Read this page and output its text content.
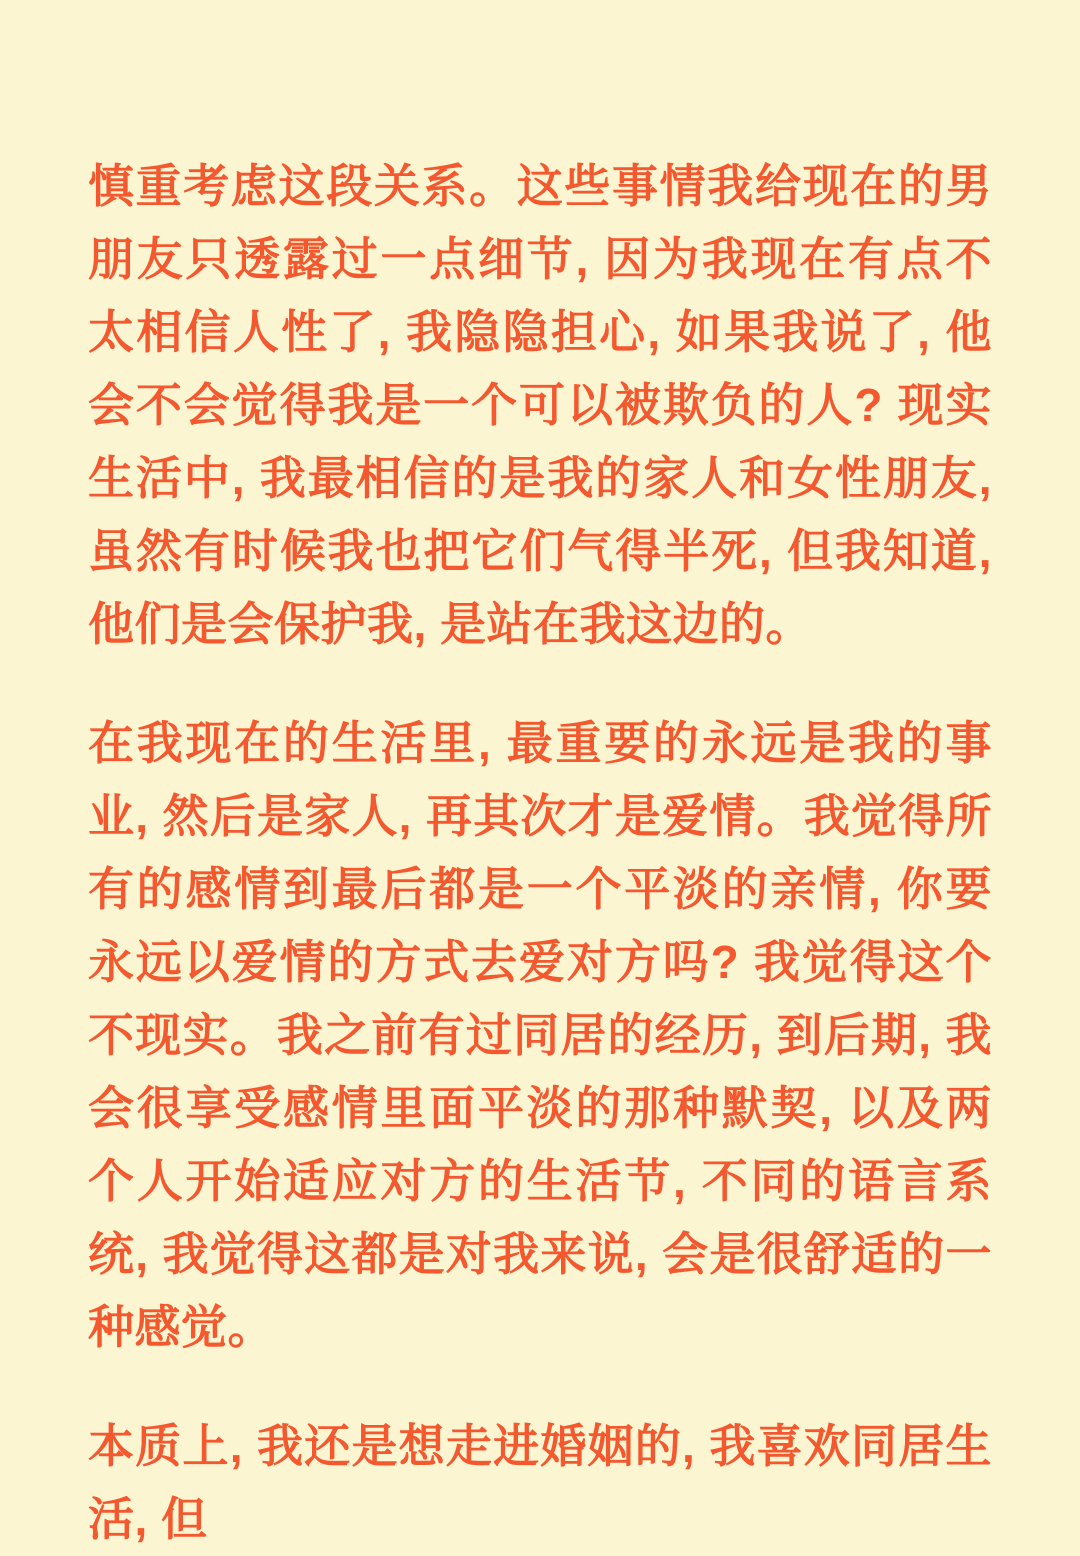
慎重考虑这段关系。这些事情我给现在的男朋友只透露过一点细节, 因为我现在有点不太相信人性了, 我隐隐担心, 如果我说了, 他会不会觉得我是一个可以被欺负的人? 现实生活中, 我最相信的是我的家人和女性朋友, 虽然有时候我也把它们气得半死, 但我知道, 他们是会保护我, 是站在我这边的。

在我现在的生活里, 最重要的永远是我的事业, 然后是家人, 再其次才是爱情。我觉得所有的感情到最后都是一个平淡的亲情, 你要永远以爱情的方式去爱对方吗? 我觉得这个不现实。我之前有过同居的经历, 到后期, 我会很享受感情里面平淡的那种默契, 以及两个人开始适应对方的生活节, 不同的语言系统, 我觉得这都是对我来说, 会是很舒适的一种感觉。

本质上, 我还是想走进婚姻的, 我喜欢同居生活, 但
